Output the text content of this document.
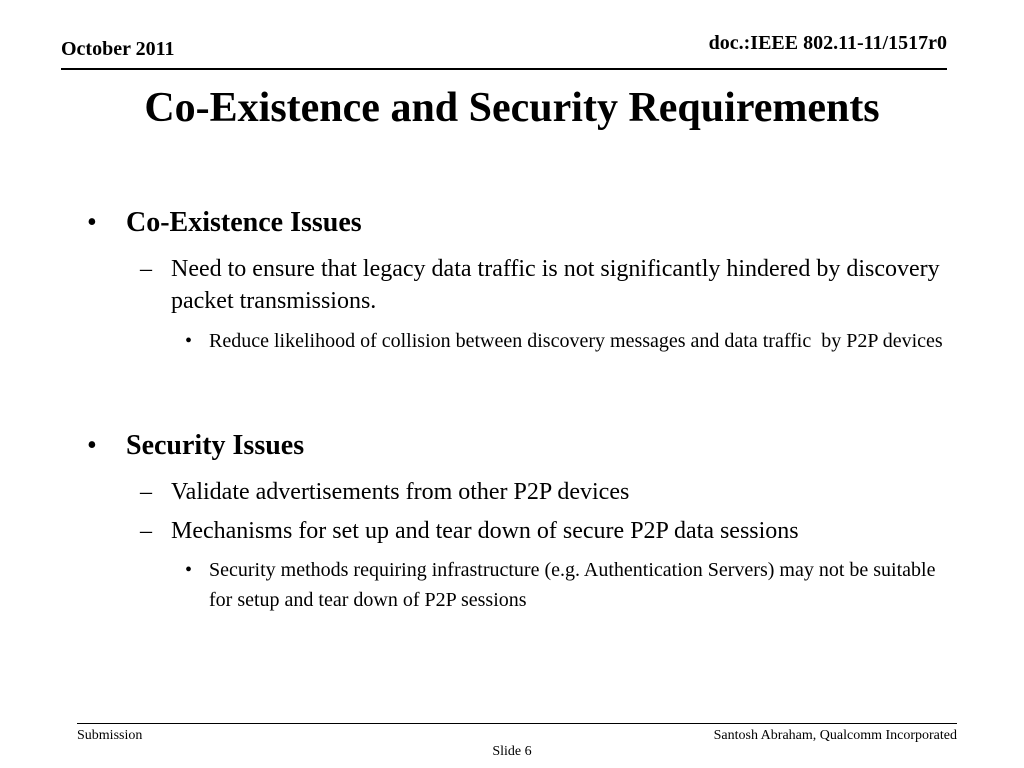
October 2011	doc.:IEEE 802.11-11/1517r0
Co-Existence and Security Requirements
• Co-Existence Issues
– Need to ensure that legacy data traffic is not significantly hindered by discovery packet transmissions.
• Reduce likelihood of collision between discovery messages and data traffic  by P2P devices
• Security Issues
– Validate advertisements from other P2P devices
– Mechanisms for set up and tear down of secure P2P data sessions
• Security methods requiring infrastructure (e.g. Authentication Servers) may not be suitable for setup and tear down of P2P sessions
Submission	Santosh Abraham, Qualcomm Incorporated
Slide 6
